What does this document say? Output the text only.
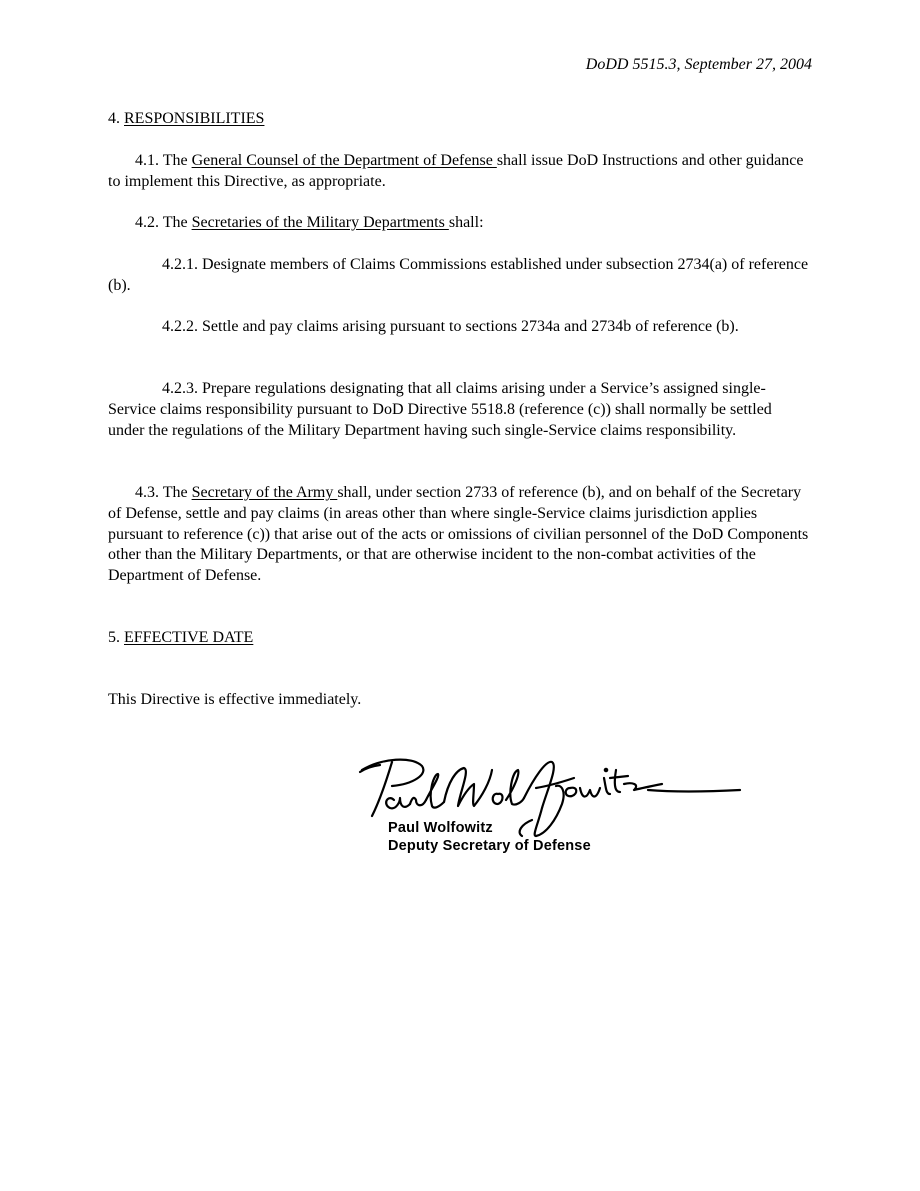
DoDD 5515.3, September 27, 2004
4. RESPONSIBILITIES

4.1. The General Counsel of the Department of Defense shall issue DoD Instructions and other guidance to implement this Directive, as appropriate.

4.2. The Secretaries of the Military Departments shall:

4.2.1. Designate members of Claims Commissions established under subsection 2734(a) of reference (b).

4.2.2. Settle and pay claims arising pursuant to sections 2734a and 2734b of reference (b).

4.2.3. Prepare regulations designating that all claims arising under a Service’s assigned single-Service claims responsibility pursuant to DoD Directive 5518.8 (reference (c)) shall normally be settled under the regulations of the Military Department having such single-Service claims responsibility.

4.3. The Secretary of the Army shall, under section 2733 of reference (b), and on behalf of the Secretary of Defense, settle and pay claims (in areas other than where single-Service claims jurisdiction applies pursuant to reference (c)) that arise out of the acts or omissions of civilian personnel of the DoD Components other than the Military Departments, or that are otherwise incident to the non-combat activities of the Department of Defense.

5. EFFECTIVE DATE

This Directive is effective immediately.

Paul Wolfowitz
Deputy Secretary of Defense
